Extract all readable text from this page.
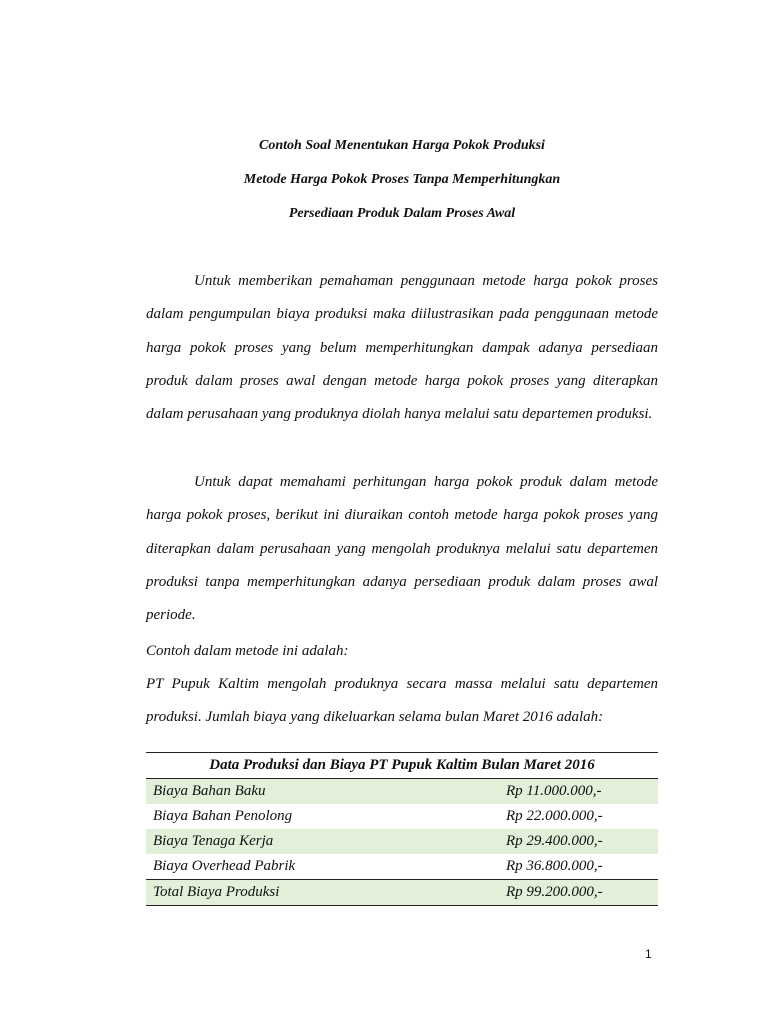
Contoh Soal Menentukan Harga Pokok Produksi
Metode Harga Pokok Proses Tanpa Memperhitungkan
Persediaan Produk Dalam Proses Awal

Untuk memberikan pemahaman penggunaan metode harga pokok proses dalam pengumpulan biaya produksi maka diilustrasikan pada penggunaan metode harga pokok proses yang belum memperhitungkan dampak adanya persediaan produk dalam proses awal dengan metode harga pokok proses yang diterapkan dalam perusahaan yang produknya diolah hanya melalui satu departemen produksi.

Untuk dapat memahami perhitungan harga pokok produk dalam metode harga pokok proses, berikut ini diuraikan contoh metode harga pokok proses yang diterapkan dalam perusahaan yang mengolah produknya melalui satu departemen produksi tanpa memperhitungkan adanya persediaan produk dalam proses awal periode.

Contoh dalam metode ini adalah:

PT Pupuk Kaltim mengolah produknya secara massa melalui satu departemen produksi. Jumlah biaya yang dikeluarkan selama bulan Maret 2016 adalah:

Data Produksi dan Biaya PT Pupuk Kaltim Bulan Maret 2016	
Biaya Bahan Baku	Rp 11.000.000,-
Biaya Bahan Penolong	Rp 22.000.000,-
Biaya Tenaga Kerja	Rp 29.400.000,-
Biaya Overhead Pabrik	Rp 36.800.000,-
Total Biaya Produksi	Rp 99.200.000,-
1
